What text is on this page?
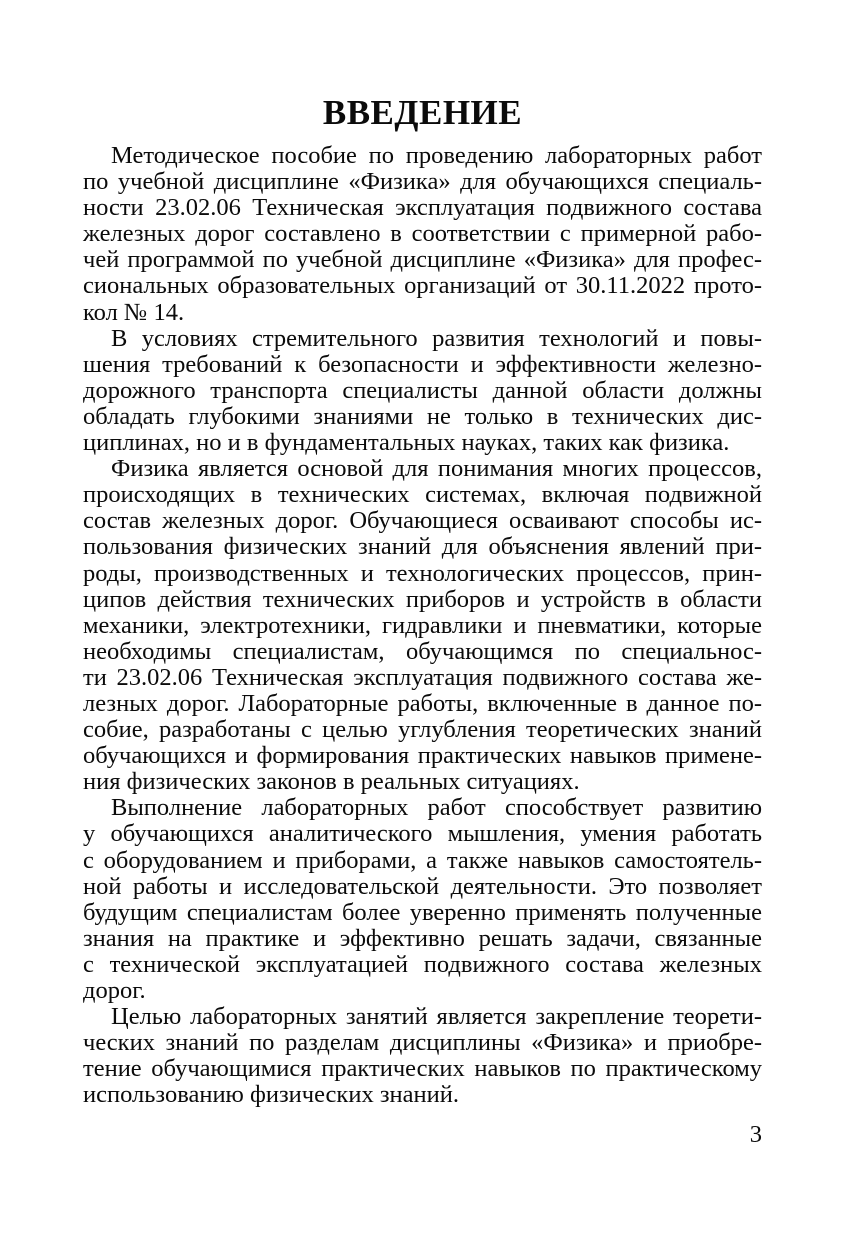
ВВЕДЕНИЕ
Методическое пособие по проведению лабораторных работ
по учебной дисциплине «Физика» для обучающихся специаль-
ности 23.02.06 Техническая эксплуатация подвижного состава
железных дорог составлено в соответствии с примерной рабо-
чей программой по учебной дисциплине «Физика» для профес-
сиональных образовательных организаций от 30.11.2022 прото-
кол № 14.
В условиях стремительного развития технологий и повы-
шения требований к безопасности и эффективности железно-
дорожного транспорта специалисты данной области должны
обладать глубокими знаниями не только в технических дис-
циплинах, но и в фундаментальных науках, таких как физика.
Физика является основой для понимания многих процессов,
происходящих в технических системах, включая подвижной
состав железных дорог. Обучающиеся осваивают способы ис-
пользования физических знаний для объяснения явлений при-
роды, производственных и технологических процессов, прин-
ципов действия технических приборов и устройств в области
механики, электротехники, гидравлики и пневматики, которые
необходимы специалистам, обучающимся по специальнос-
ти 23.02.06 Техническая эксплуатация подвижного состава же-
лезных дорог. Лабораторные работы, включенные в данное по-
собие, разработаны с целью углубления теоретических знаний
обучающихся и формирования практических навыков примене-
ния физических законов в реальных ситуациях.
Выполнение лабораторных работ способствует развитию
у обучающихся аналитического мышления, умения работать
с оборудованием и приборами, а также навыков самостоятель-
ной работы и исследовательской деятельности. Это позволяет
будущим специалистам более уверенно применять полученные
знания на практике и эффективно решать задачи, связанные
с технической эксплуатацией подвижного состава железных
дорог.
Целью лабораторных занятий является закрепление теорети-
ческих знаний по разделам дисциплины «Физика» и приобре-
тение обучающимися практических навыков по практическому
использованию физических знаний.
3
